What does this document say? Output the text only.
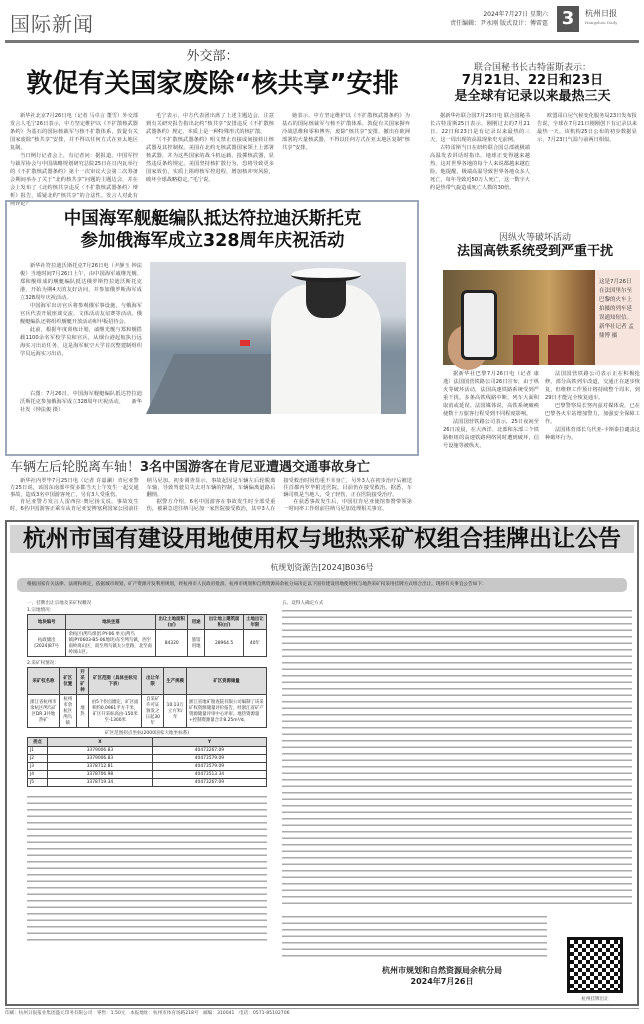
国际新闻	2024年7月27日 星期六
责任编辑：尹永刚 版式设计：傅雷霆 3	杭州日报
Hangzhou Daily
外交部：
敦促有关国家废除“核共享”安排

新华社北京7月26日电（记者 马卓言 董雪）外交部发言人毛宁26日表示，中方坚定维护以《不扩散核武器条约》为基石的国际核裁军与核不扩散体系，敦促有关国家废除“核共享”安排，并不得以任何方式在亚太地区复制。

当日例行记者会上，有记者问：据报道，中国军控与裁军协会与中国战略规划研究总院25日在日内瓦举行的《不扩散核武器条约》第十一次审议大会第二次筹备会期间举办了关于“北约核共享”问题的主题边会，并在会上发布了《北约核共享违反〈不扩散核武器条约〉辩析》报告，质疑北约“核共享”的合法性。发言人对此有何评论？

毛宁表示，中方代表团出席了上述主题边会，注意到有关研究报告指出北约“核共享”安排违反《不扩散核武器条约》规定，本质上是一种特殊形式的核扩散。

“《不扩散核武器条约》明文禁止直接或间接转让核武器及其控制权。美国在北约无核武器国家领土上部署核武器，并为这些国家的战斗机运载、投掷核武器，显然违反条约规定。美国坚持核扩散行为，恐将导致更多国家效仿，实质上阻碍核军控进程，增加核冲突风险，破坏全球战略稳定。”毛宁说。

她表示，中方坚定维护以《不扩散核武器条约》为基石的国际核裁军与核不扩散体系，敦促有关国家摒弃冷战思维和零和博弈，废除“核共享”安排，撤出在欧洲部署的大量核武器，不得以任何方式在亚太地区复制“核共享”安排。

联合国秘书长古特雷斯表示：
7月21日、22日和23日
是全球有记录以来最热三天

据新华社联合国7月25日电 联合国秘书长古特雷斯25日表示，刚刚过去的7月21日、22日和23日是有记录以来最热的三天，这一周出现的高温现象史无前例。

古特雷斯当日在纽约联合国总部就极端高温发表讲话时指出，地球正变得越来越热，这对世界各地的每个人来说都越来越危险。他提醒，极端高温导致世界各地众多人死亡，每年导致近50万人死亡，这一数字大约是热带气旋造成死亡人数的30倍。

欧盟哥白尼气候变化服务局23日发布报告说，全球在7月21日刚刚创下有记录以来最热一天。该机构25日公布的初步数据显示，7月23日气温与前两日相似。

中国海军舰艇编队抵达符拉迪沃斯托克
参加俄海军成立328周年庆祝活动

新华社符拉迪沃斯托克7月26日电（尹静玉 钟法俊）当地时间7月26日上午，由中国海军戚继光舰、郑和舰组成的舰艇编队抵达俄罗斯符拉迪沃斯托克港，开始为期4天的友好访问，并参加俄罗斯海军成立328周年庆祝活动。

中国海军出访官兵将参观俄军事设施，与俄海军官兵代表开展座谈交流、文体活动友谊赛等活动。俄舰艇编队还将组织舰艇开放活动和甲板招待会。

此前，根据年度训练计划，戚继光舰与郑和舰搭载1100余名军校学员和官兵，从烟台港起航执行远海实习出访任务，这是海军航空大学首次整建制组织学员远海实习出访。

右图：7月26日，中国海军舰艇编队抵达符拉迪沃斯托克参加俄海军成立328周年庆祝活动。　　新华社发（钟法俊 摄）
车辆左后轮脱离车轴！3名中国游客在肯尼亚遭遇交通事故身亡

新华社内罗毕7月25日电（记者 许嘉澜）肯尼亚警方25日说，该国东南部中贾多郡当天上午发生一起交通事故，造成3名中国游客死亡，另有3人受重伤。

肯尼亚警方发言人雷西拉·奥尼扬戈说，事故发生时，6名中国游客正乘车从肯尼亚安博塞利国家公园前往纳马尼加。初步调查显示，事故起因是车辆左后轮脱离车轴，导致驾驶员失去对车辆的控制，车辆偏离道路后翻倒。

据警方介绍，6名中国游客在事故发生时全部受重伤，被紧急送往纳马尼加一家医院接受救治，其中3人在接受救治时因伤重不幸身亡，另外3人在初步治疗后被送往首都内罗毕附近医院。目前仍在接受救治。据悉，车辆司机是当地人，受了轻伤，正在医院接受治疗。

在获悉事故发生后，中国驻肯尼亚使馆参赞带领第一时间率工作组前往纳马尼加处理相关事宜。

因纵火等破坏活动
法国高铁系统受到严重干扰
这是7月26日在法国里尔至巴黎的火车上拍摄的列车延误通知短信。　新华社记者 孟鼎博 摄

据新华社巴黎7月26日电（记者 康逸）法国国营铁路公司26日宣布，由于纵火等破坏活动，法国高速铁路系统受到严重干扰。多条高铁线路中断，列车大面积取消或延误。法国媒体说，高铁系统瘫痪使数十万旅客行程受到不同程度影响。

法国国营铁路公司表示，25日夜间至26日凌晨，在大西洋、北部和东部三个铁路枢纽的高速铁路网络同时遭到破坏，信号设施等被纵火。

法国国营铁路公司表示正在积极抢修，部分高铁列车改道，交通正在逐步恢复，但维修工作预计将持续整个周末，到29日才能完全恢复通车。

巴黎警察局长努内兹对媒体说，已在巴黎各火车站增加警力，加强安全保障工作。

法国体育部长乌代亚-卡斯泰拉谴责这种破坏行为。

杭州市国有建设用地使用权与地热采矿权组合挂牌出让公告
杭规划资源告[2024]B036号
根据国家有关法律、法规和规定，依据城市规划、矿产资源开发利用规划，经杭州市人民政府批准，杭州市规划和自然资源局余杭分局决定以下国有建设用地使用权与地热采矿权采用挂牌方式组合出让。现将有关事宜公告如下：
一、挂牌出让宗地及采矿权概况
1.宗地情况：
地块编号	地块坐落	出让土地面积(㎡)	用途	出让地上建筑面积(㎡)	土地出让年限
杭政储出[2024]87号	余杭区(鸬鸟组团 PY-06 单元(鸬鸟镇)PY0603-B5-06地块)东至鸬鸟镇，西至南岭岗山区，南至鸬鸟镇太公堂路，北至南岭岗山区。	84320	旅馆用地	28964.5	40年
2.采矿权情况：
采矿权名称	矿区位置	开采矿种	矿区范围（具体坐标见下表）	出让年限	生产规模	矿区资源储量
浙江省杭州市余杭区鸬鸟矿区DR.3井地热矿	杭州市余杭区鸬鸟镇	地热	由5个拐点圈定，矿区面积约0.0961平方千米，矿区开采标高由-150米至-1300米	自采矿许可证颁发之日起30年	10.13万立方米/年	浙江省地矿勘查院有限公司编制了该采矿权资源储量评价报告，经浙江省矿产资源储量评审中心评审。地热资源量+控制资源量合计8.25m³/d。
矿区范围拐点坐标(2000国家大地坐标系)
拐点	X	Y
J1	3379006.83	40473267.09
J2	3379006.83	40473579.09
J3	3378712.81	40473579.09
J4	3378706.98	40473513.34
J5	3378719.34	40473267.09
五、竞得人确定方式
杭州市规划和自然资源局余杭分局
2024年7月26日
杭州挂牌出让
印刷：杭州日报报业集团盛元印务有限公司　零售：1.50元　本报地址：杭州市体育场路218号　邮编：310041　电话：0571-85102706
